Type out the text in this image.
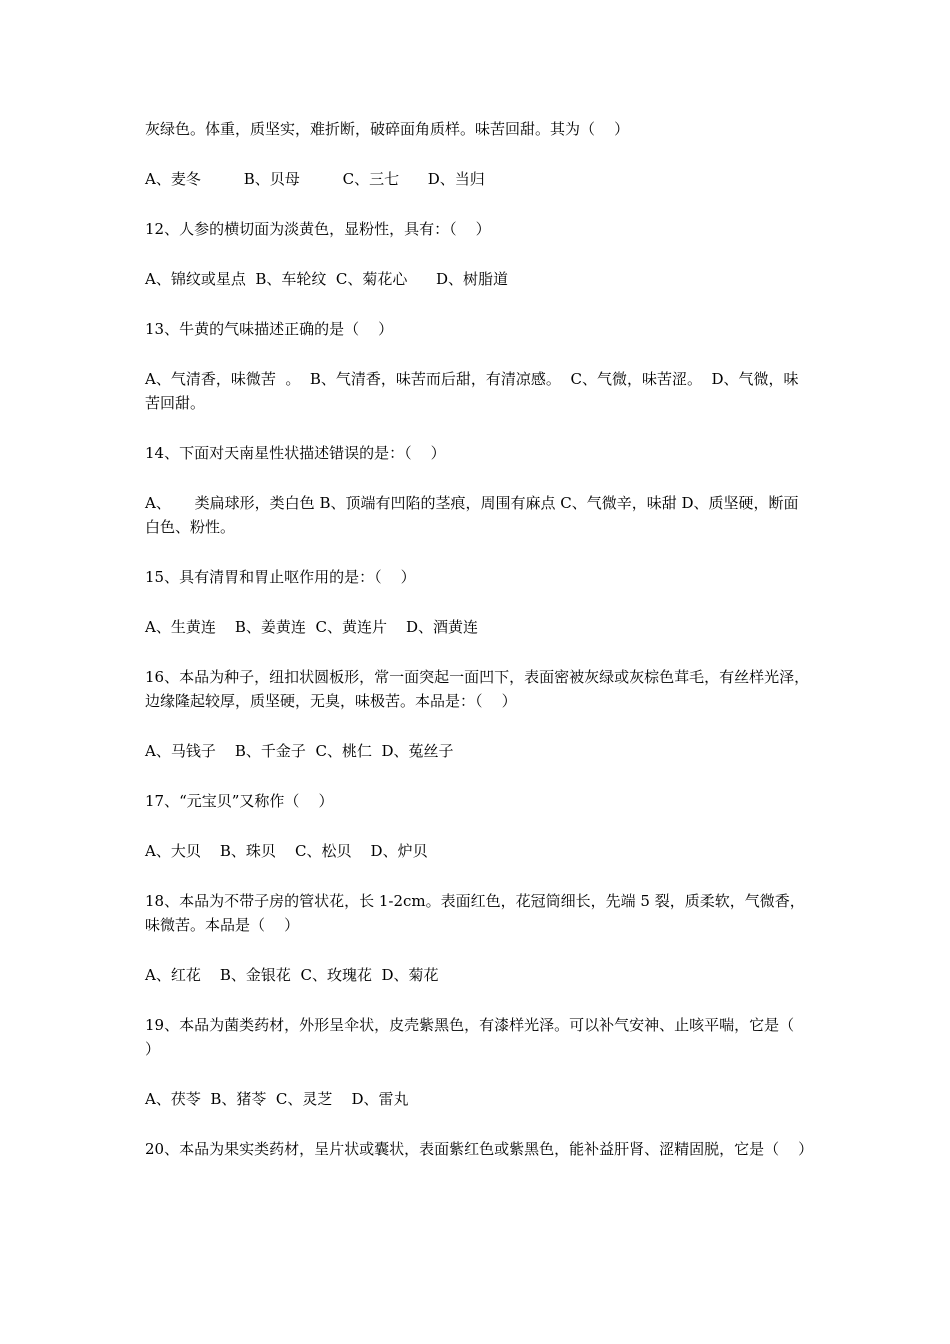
灰绿色。体重，质坚实，难折断，破碎面角质样。味苦回甜。其为（    ）

A、麦冬         B、贝母         C、三七      D、当归

12、人参的横切面为淡黄色，显粉性，具有：（    ）

A、锦纹或星点  B、车轮纹  C、菊花心      D、树脂道

13、牛黄的气味描述正确的是（    ）

A、气清香，味微苦  。  B、气清香，味苦而后甜，有清凉感。  C、气微，味苦涩。  D、气微，味苦回甜。

14、下面对天南星性状描述错误的是：（    ）

A、     类扁球形，类白色 B、顶端有凹陷的茎痕，周围有麻点 C、气微辛，味甜 D、质坚硬，断面白色、粉性。

15、具有清胃和胃止呕作用的是：（    ）

A、生黄连    B、姜黄连  C、黄连片    D、酒黄连

16、本品为种子，纽扣状圆板形，常一面突起一面凹下，表面密被灰绿或灰棕色茸毛，有丝样光泽，边缘隆起较厚，质坚硬，无臭，味极苦。本品是：（    ）

A、马钱子    B、千金子  C、桃仁  D、菟丝子

17、“元宝贝”又称作（    ）

A、大贝    B、珠贝    C、松贝    D、炉贝

18、本品为不带子房的管状花，长 1-2cm。表面红色，花冠筒细长，先端 5 裂，质柔软，气微香，味微苦。本品是（    ）

A、红花    B、金银花  C、玫瑰花  D、菊花

19、本品为菌类药材，外形呈伞状，皮壳紫黑色，有漆样光泽。可以补气安神、止咳平喘，它是（    ）

A、茯苓  B、猪苓  C、灵芝    D、雷丸

20、本品为果实类药材，呈片状或囊状，表面紫红色或紫黑色，能补益肝肾、涩精固脱，它是（    ）
